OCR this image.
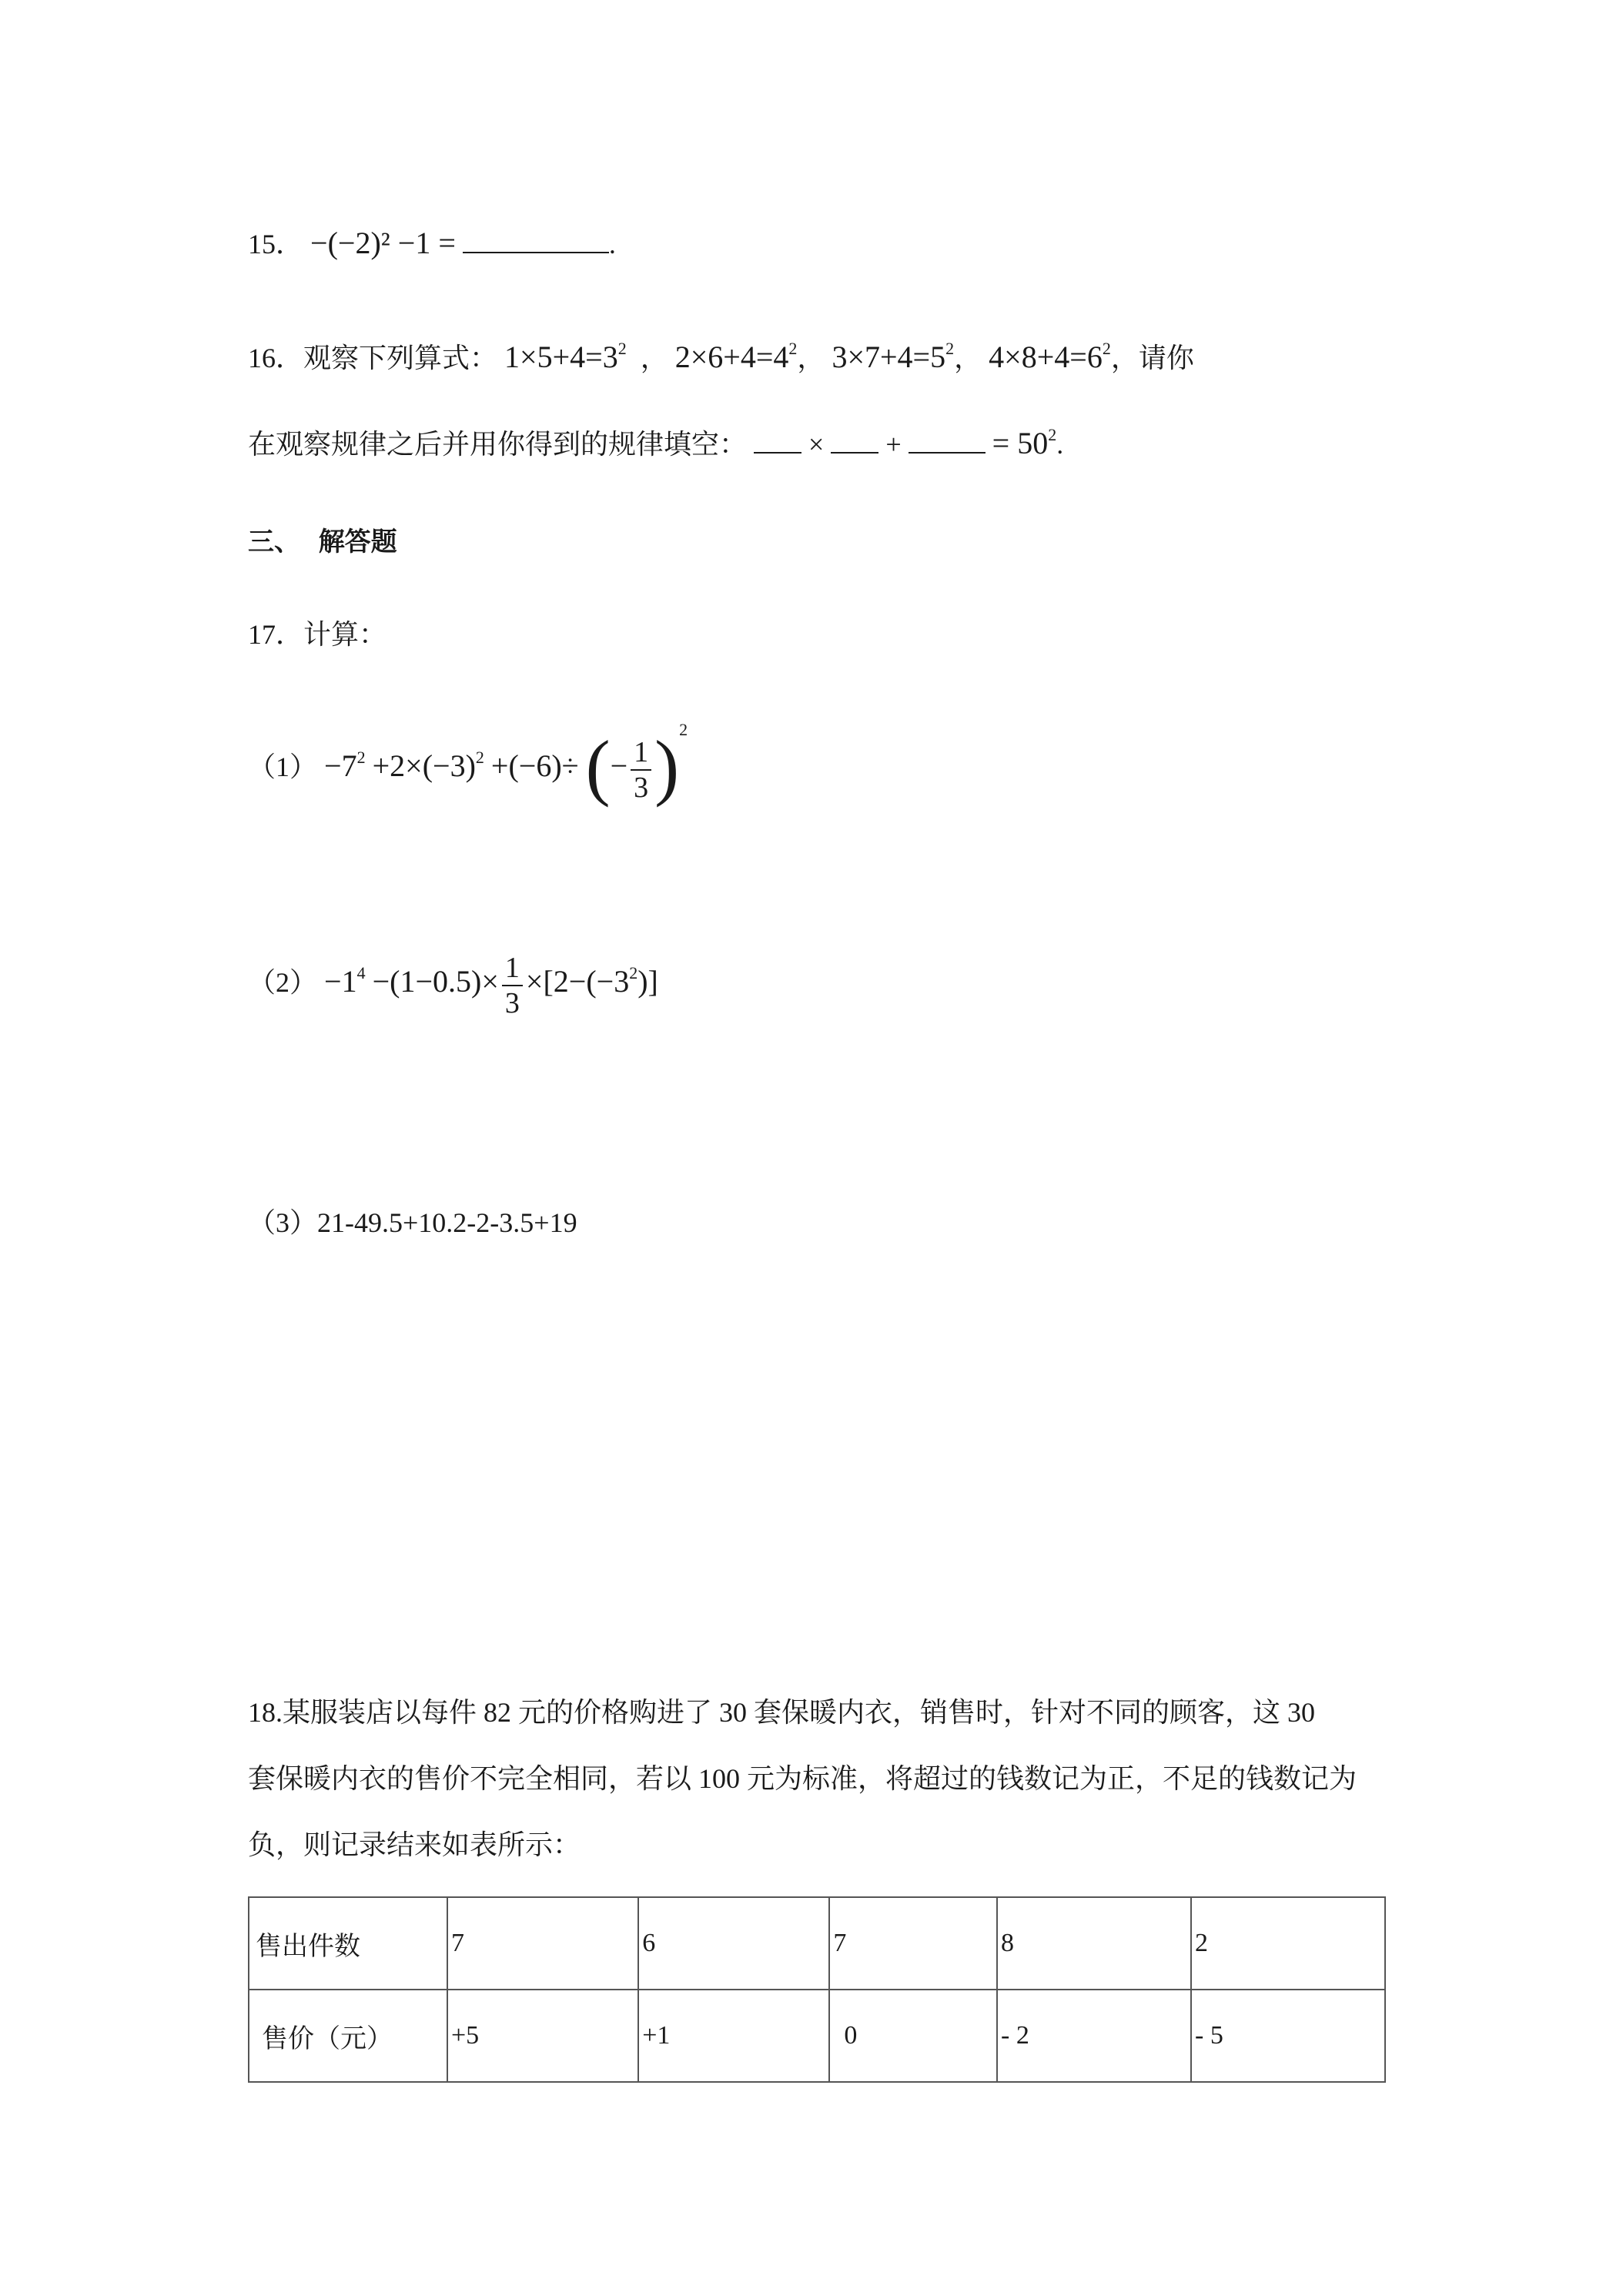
15． −(−2)² −1 =	.
16．观察下列算式： $1\times 5+4=3^2$  ， $2\times 6+4=4^2$， $3\times 7+4=5^2$， $4\times 8+4=6^2$，请你
在观察规律之后并用你得到的规律填空： × +	= $50^2$.
三、 解答题
17．计算：
$(1) -7^2 +2\times(-3)^2 +(-6)\div$ (− $\frac{1}{3} )^2$
$(2) -1^4 -(1-0.5)\times \frac{1}{3} \times[2-(-3^2)]$
（3）21-49.5+10.2-2-3.5+19
18.某服装店以每件 82 元的价格购进了 30 套保暖内衣，销售时，针对不同的顾客，这 30
套保暖内衣的售价不完全相同，若以 100 元为标准，将超过的钱数记为正，不足的钱数记为
负，则记录结来如表所示：
售出件数	7	6	7	8	2
售价（元）	+5	+1	0	- 2	- 5
